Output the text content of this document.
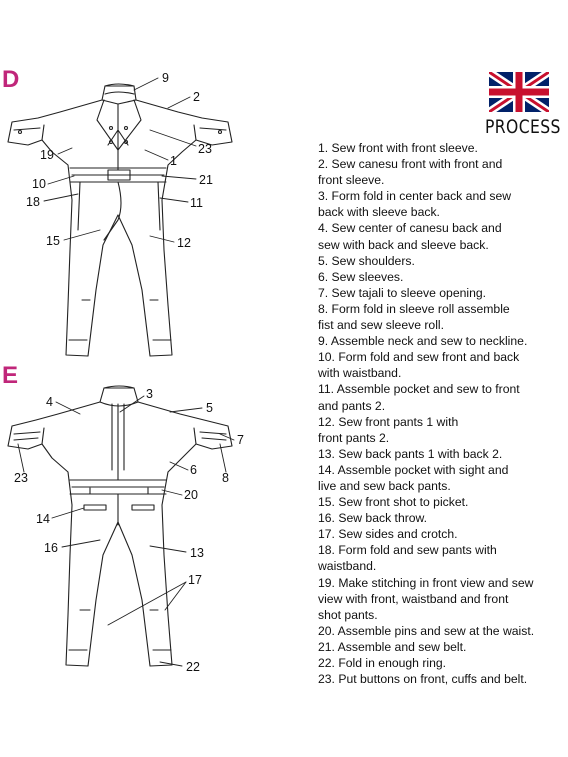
D
E
9
2
19	23
1
10	21
18	11
15	12
3
4	5
7
23	8
6
20
14
16	13
17
22
PROCESS
1. Sew front with front sleeve.
2. Sew canesu front with front and
front sleeve.
3. Form fold in center back and sew
back with sleeve back.
4. Sew center of canesu back and
sew with back and sleeve back.
5. Sew shoulders.
6. Sew sleeves.
7. Sew tajali to sleeve opening.
8. Form fold in sleeve roll assemble
fist and sew sleeve roll.
9. Assemble neck and sew to neckline.
10. Form fold and sew front and back
with waistband.
11. Assemble pocket and sew to front
and pants 2.
12. Sew front pants 1 with
front pants 2.
13. Sew back pants 1 with back 2.
14. Assemble pocket with sight and
live and sew back pants.
15. Sew front shot to picket.
16. Sew back throw.
17. Sew sides and crotch.
18. Form fold and sew pants with
waistband.
19. Make stitching in front view and sew
view with front, waistband and front
shot pants.
20. Assemble pins and sew at the waist.
21. Assemble and sew belt.
22. Fold in enough ring.
23. Put buttons on front, cuffs and belt.
